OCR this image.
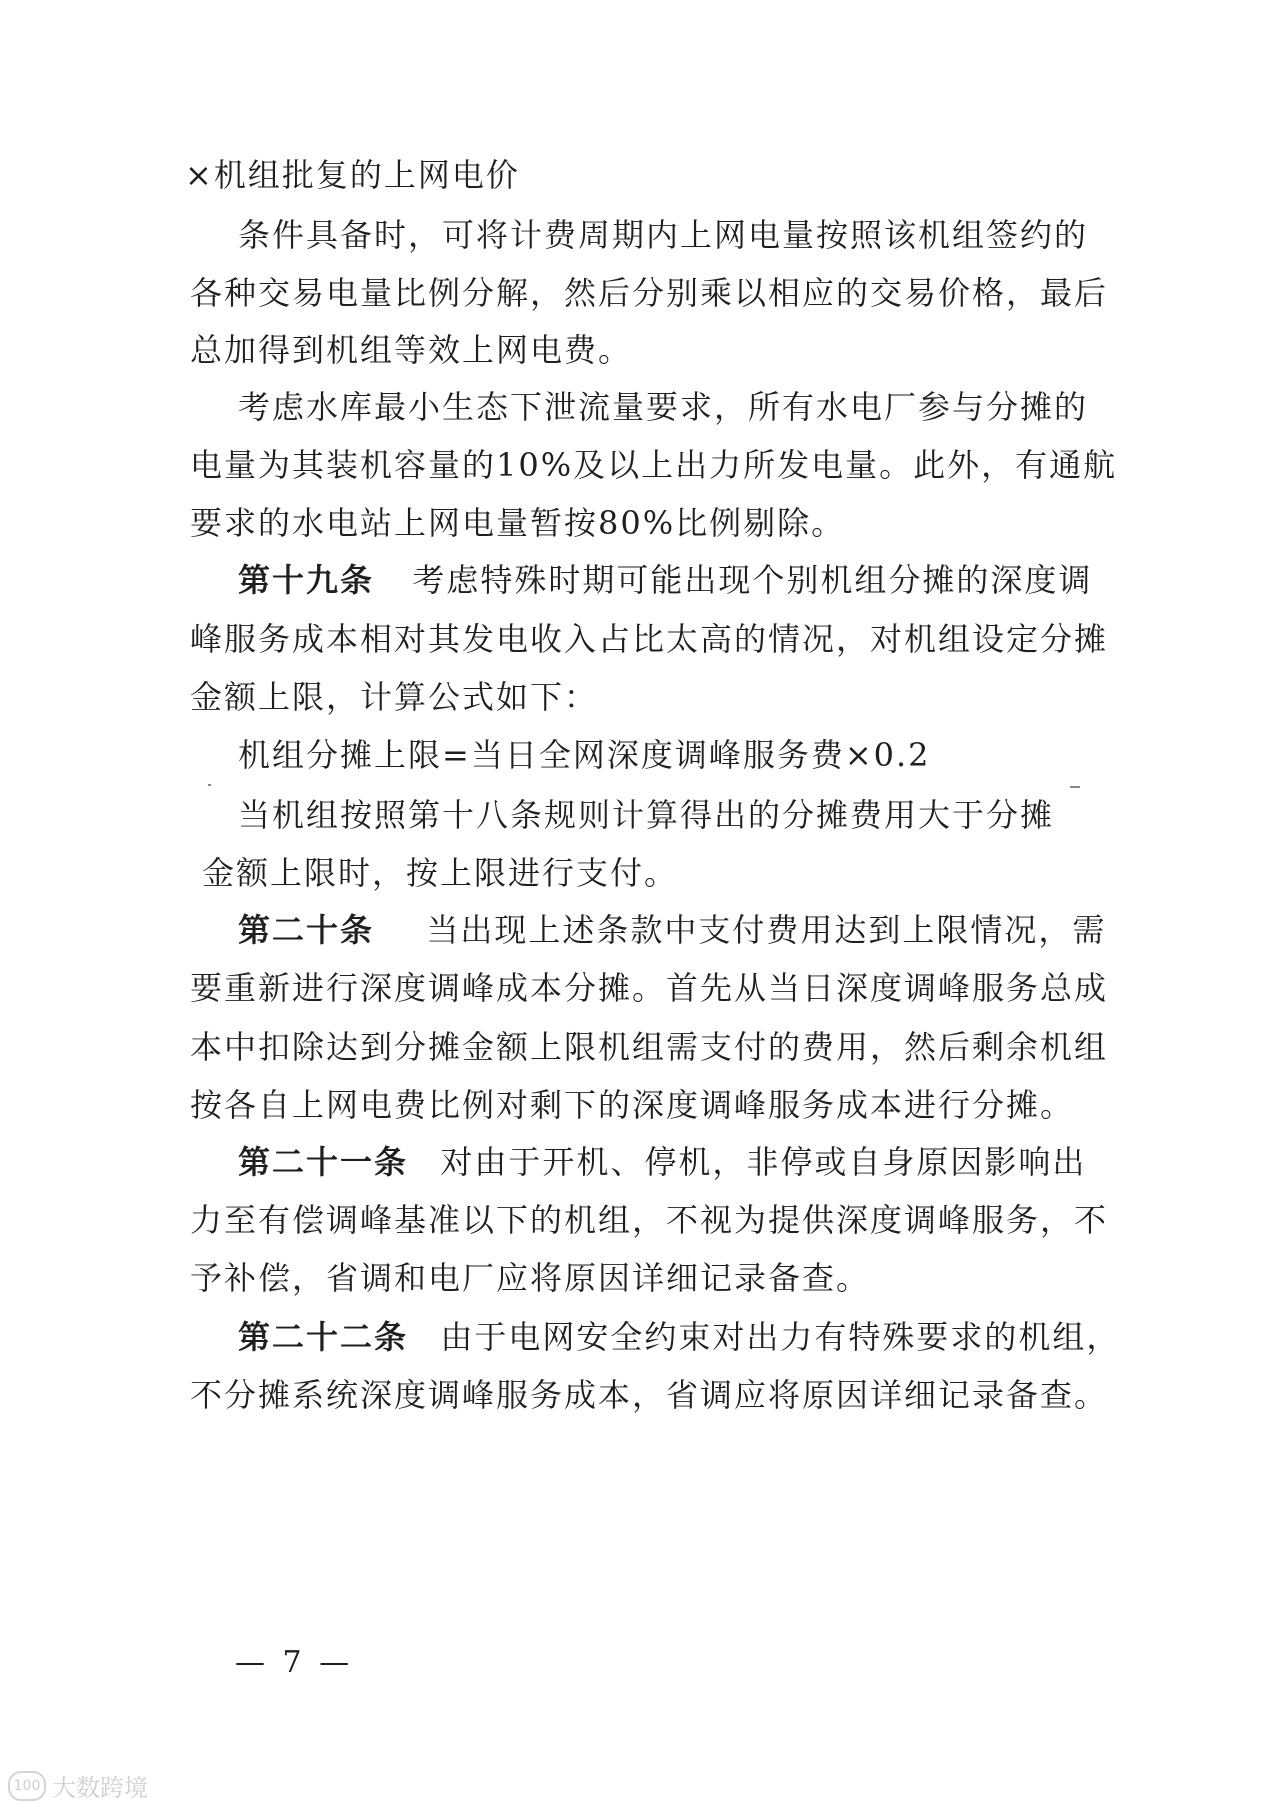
×机组批复的上网电价
条件具备时，可将计费周期内上网电量按照该机组签约的
各种交易电量比例分解，然后分别乘以相应的交易价格，最后
总加得到机组等效上网电费。
考虑水库最小生态下泄流量要求，所有水电厂参与分摊的
电量为其装机容量的10%及以上出力所发电量。此外，有通航
要求的水电站上网电量暂按80%比例剔除。
第十九条 考虑特殊时期可能出现个别机组分摊的深度调
峰服务成本相对其发电收入占比太高的情况，对机组设定分摊
金额上限，计算公式如下：
机组分摊上限=当日全网深度调峰服务费×0.2
当机组按照第十八条规则计算得出的分摊费用大于分摊
金额上限时，按上限进行支付。
第二十条 当出现上述条款中支付费用达到上限情况，需
要重新进行深度调峰成本分摊。首先从当日深度调峰服务总成
本中扣除达到分摊金额上限机组需支付的费用，然后剩余机组
按各自上网电费比例对剩下的深度调峰服务成本进行分摊。
第二十一条 对由于开机、停机，非停或自身原因影响出
力至有偿调峰基准以下的机组，不视为提供深度调峰服务，不
予补偿，省调和电厂应将原因详细记录备查。
第二十二条 由于电网安全约束对出力有特殊要求的机组，
不分摊系统深度调峰服务成本，省调应将原因详细记录备查。
— 7 —
100 大数跨境
